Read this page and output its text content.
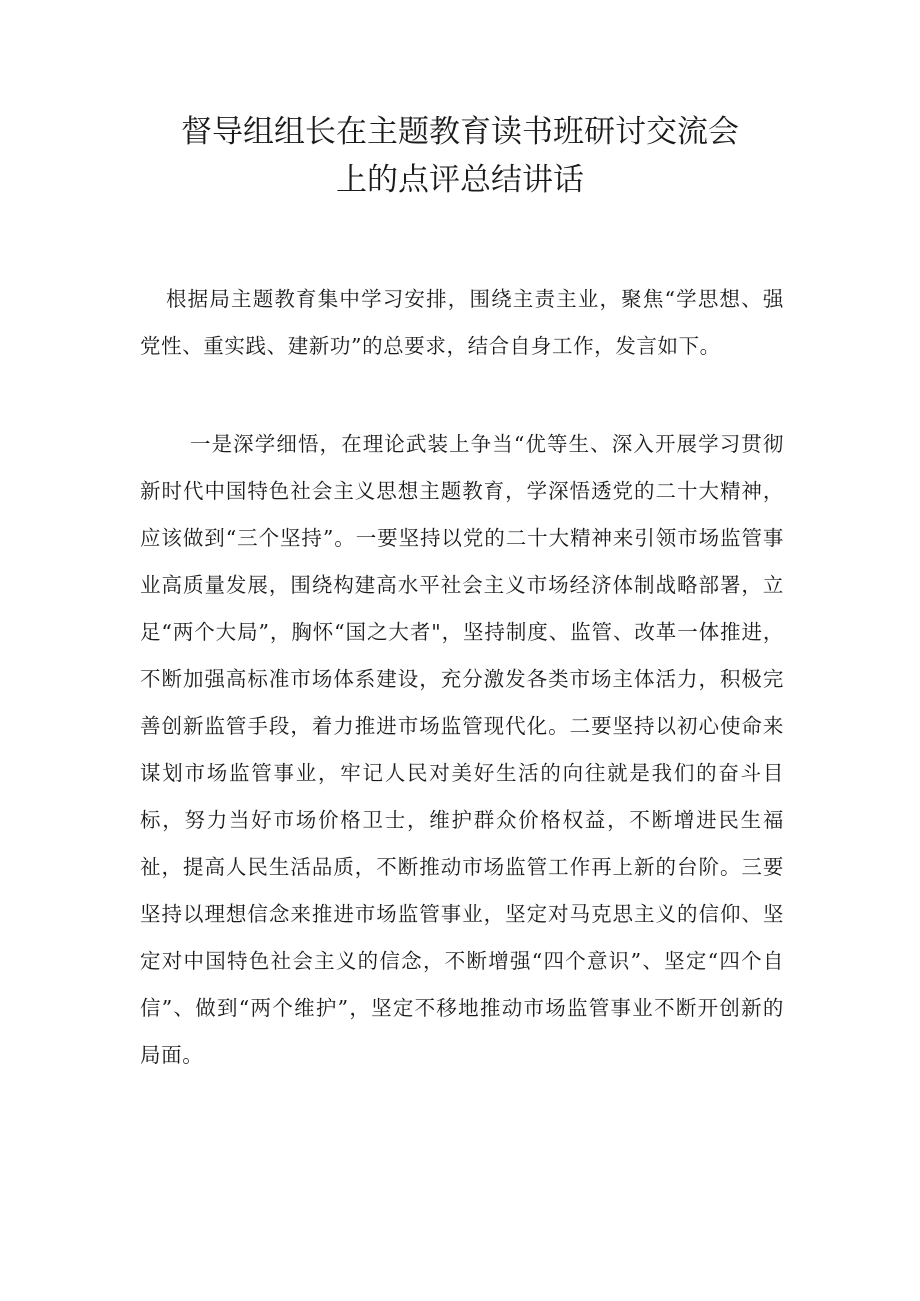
督导组组长在主题教育读书班研讨交流会
上的点评总结讲话

根据局主题教育集中学习安排，围绕主责主业，聚焦“学思想、强党性、重实践、建新功”的总要求，结合自身工作，发言如下。

一是深学细悟，在理论武装上争当“优等生、深入开展学习贯彻新时代中国特色社会主义思想主题教育，学深悟透党的二十大精神，应该做到“三个坚持”。一要坚持以党的二十大精神来引领市场监管事业高质量发展，围绕构建高水平社会主义市场经济体制战略部署，立足“两个大局”，胸怀“国之大者"，坚持制度、监管、改革一体推进，不断加强高标准市场体系建设，充分激发各类市场主体活力，积极完善创新监管手段，着力推进市场监管现代化。二要坚持以初心使命来谋划市场监管事业，牢记人民对美好生活的向往就是我们的奋斗目标，努力当好市场价格卫士，维护群众价格权益，不断增进民生福祉，提高人民生活品质，不断推动市场监管工作再上新的台阶。三要坚持以理想信念来推进市场监管事业，坚定对马克思主义的信仰、坚定对中国特色社会主义的信念，不断增强“四个意识”、坚定“四个自信”、做到“两个维护”，坚定不移地推动市场监管事业不断开创新的局面。
